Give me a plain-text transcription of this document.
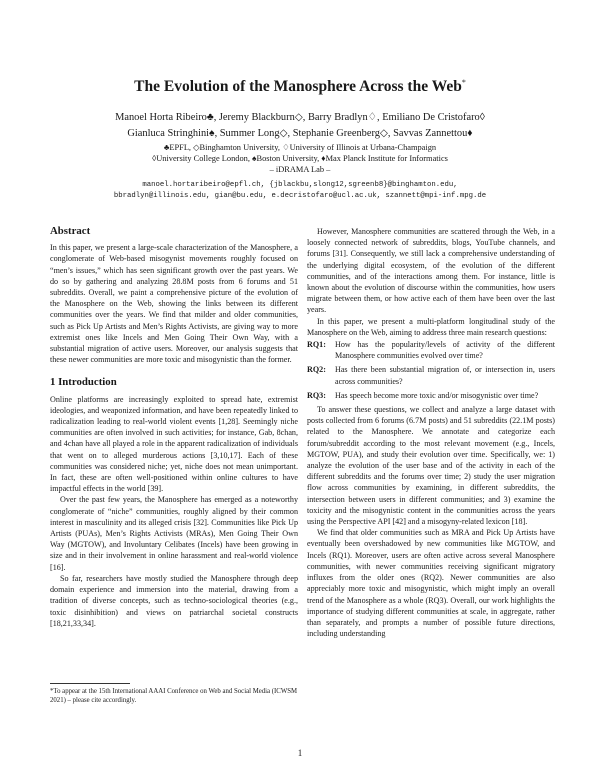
The Evolution of the Manosphere Across the Web*
Manoel Horta Ribeiro♣, Jeremy Blackburn◇, Barry Bradlyn♢, Emiliano De Cristofaro◊
Gianluca Stringhini♠, Summer Long◇, Stephanie Greenberg◇, Savvas Zannettou♦
♣EPFL, ◇Binghamton University, ♢University of Illinois at Urbana-Champaign
◊University College London, ♠Boston University, ♦Max Planck Institute for Informatics
– iDRAMA Lab –
manoel.hortaribeiro@epfl.ch, {jblackbu,slong12,sgreenb8}@binghamton.edu,
bbradlyn@illinois.edu, gian@bu.edu, e.decristofaro@ucl.ac.uk, szannett@mpi-inf.mpg.de
Abstract

In this paper, we present a large-scale characterization of the Manosphere, a conglomerate of Web-based misogynist movements roughly focused on “men’s issues,” which has seen significant growth over the past years. We do so by gathering and analyzing 28.8M posts from 6 forums and 51 subreddits. Overall, we paint a comprehensive picture of the evolution of the Manosphere on the Web, showing the links between its different communities over the years. We find that milder and older communities, such as Pick Up Artists and Men’s Rights Activists, are giving way to more extremist ones like Incels and Men Going Their Own Way, with a substantial migration of active users. Moreover, our analysis suggests that these newer communities are more toxic and misogynistic than the former.

1 Introduction

Online platforms are increasingly exploited to spread hate, extremist ideologies, and weaponized information, and have been repeatedly linked to radicalization leading to real-world violent events [1,28]. Seemingly niche communities are often involved in such activities; for instance, Gab, 8chan, and 4chan have all played a role in the apparent radicalization of individuals that went on to alleged murderous actions [3,10,17]. Each of these communities was considered niche; yet, niche does not mean unimportant. In fact, these are often well-positioned within online cultures to have impactful effects in the world [39].

Over the past few years, the Manosphere has emerged as a noteworthy conglomerate of “niche” communities, roughly aligned by their common interest in masculinity and its alleged crisis [32]. Communities like Pick Up Artists (PUAs), Men’s Rights Activists (MRAs), Men Going Their Own Way (MGTOW), and Involuntary Celibates (Incels) have been growing in size and in their involvement in online harassment and real-world violence [16].

So far, researchers have mostly studied the Manosphere through deep domain experience and immersion into the material, drawing from a tradition of diverse concepts, such as techno-sociological theories (e.g., toxic disinhibition) and views on patriarchal societal constructs [18,21,33,34].

*To appear at the 15th International AAAI Conference on Web and Social Media (ICWSM 2021) – please cite accordingly.

However, Manosphere communities are scattered through the Web, in a loosely connected network of subreddits, blogs, YouTube channels, and forums [31]. Consequently, we still lack a comprehensive understanding of the underlying digital ecosystem, of the evolution of the different communities, and of the interactions among them. For instance, little is known about the evolution of discourse within the communities, how users migrate between them, or how active each of them have been over the last years.

In this paper, we present a multi-platform longitudinal study of the Manosphere on the Web, aiming to address three main research questions:

RQ1:	How has the popularity/levels of activity of the different Manosphere communities evolved over time?
RQ2:	Has there been substantial migration of, or intersection in, users across communities?
RQ3:	Has speech become more toxic and/or misogynistic over time?

To answer these questions, we collect and analyze a large dataset with posts collected from 6 forums (6.7M posts) and 51 subreddits (22.1M posts) related to the Manosphere. We annotate and categorize each forum/subreddit according to the most relevant movement (e.g., Incels, MGTOW, PUA), and study their evolution over time. Specifically, we: 1) analyze the evolution of the user base and of the activity in each of the different subreddits and the forums over time; 2) study the user migration flow across communities by examining, in different subreddits, the intersection between users in different communities; and 3) examine the toxicity and the misogynistic content in the communities across the years using the Perspective API [42] and a misogyny-related lexicon [18].

We find that older communities such as MRA and Pick Up Artists have eventually been overshadowed by new communities like MGTOW, and Incels (RQ1). Moreover, users are often active across several Manosphere communities, with newer communities receiving significant migratory influxes from the older ones (RQ2). Newer communities are also appreciably more toxic and misogynistic, which might imply an overall trend of the Manosphere as a whole (RQ3). Overall, our work highlights the importance of studying different communities at scale, in aggregate, rather than separately, and prompts a number of possible future directions, including understanding

1
